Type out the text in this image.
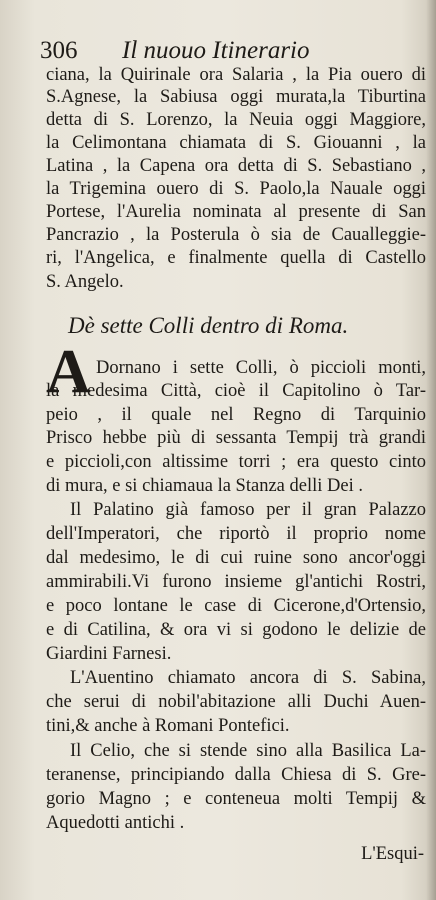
306 Il nuouo Itinerario
ciana, la Quirinale ora Salaria , la Pia ouero di
S.Agnese, la Sabiusa oggi murata,la Tiburtina
detta di S. Lorenzo, la Neuia oggi Maggiore,
la Celimontana chiamata di S. Giouanni , la
Latina , la Capena ora detta di S. Sebastiano ,
la Trigemina ouero di S. Paolo,la Nauale oggi
Portese, l'Aurelia nominata al presente di San
Pancrazio , la Posterula ò sia de Caualleggie-
ri, l'Angelica, e finalmente quella di Castello
S. Angelo.
Dè sette Colli dentro di Roma.
A Dornano i sette Colli, ò piccioli monti,
la medesima Città, cioè il Capitolino ò Tar-
peio , il quale nel Regno di Tarquinio
Prisco hebbe più di sessanta Tempij trà grandi
e piccioli,con altissime torri ; era questo cinto
di mura, e si chiamaua la Stanza delli Dei .
Il Palatino già famoso per il gran Palazzo
dell'Imperatori, che riportò il proprio nome
dal medesimo, le di cui ruine sono ancor'oggi
ammirabili.Vi furono insieme gl'antichi Rostri,
e poco lontane le case di Cicerone,d'Ortensio,
e di Catilina, & ora vi si godono le delizie de
Giardini Farnesi.
L'Auentino chiamato ancora di S. Sabina,
che serui di nobil'abitazione alli Duchi Auen-
tini,& anche à Romani Pontefici.
Il Celio, che si stende sino alla Basilica La-
teranense, principiando dalla Chiesa di S. Gre-
gorio Magno ; e conteneua molti Tempij &
Aquedotti antichi .
L'Esqui-
